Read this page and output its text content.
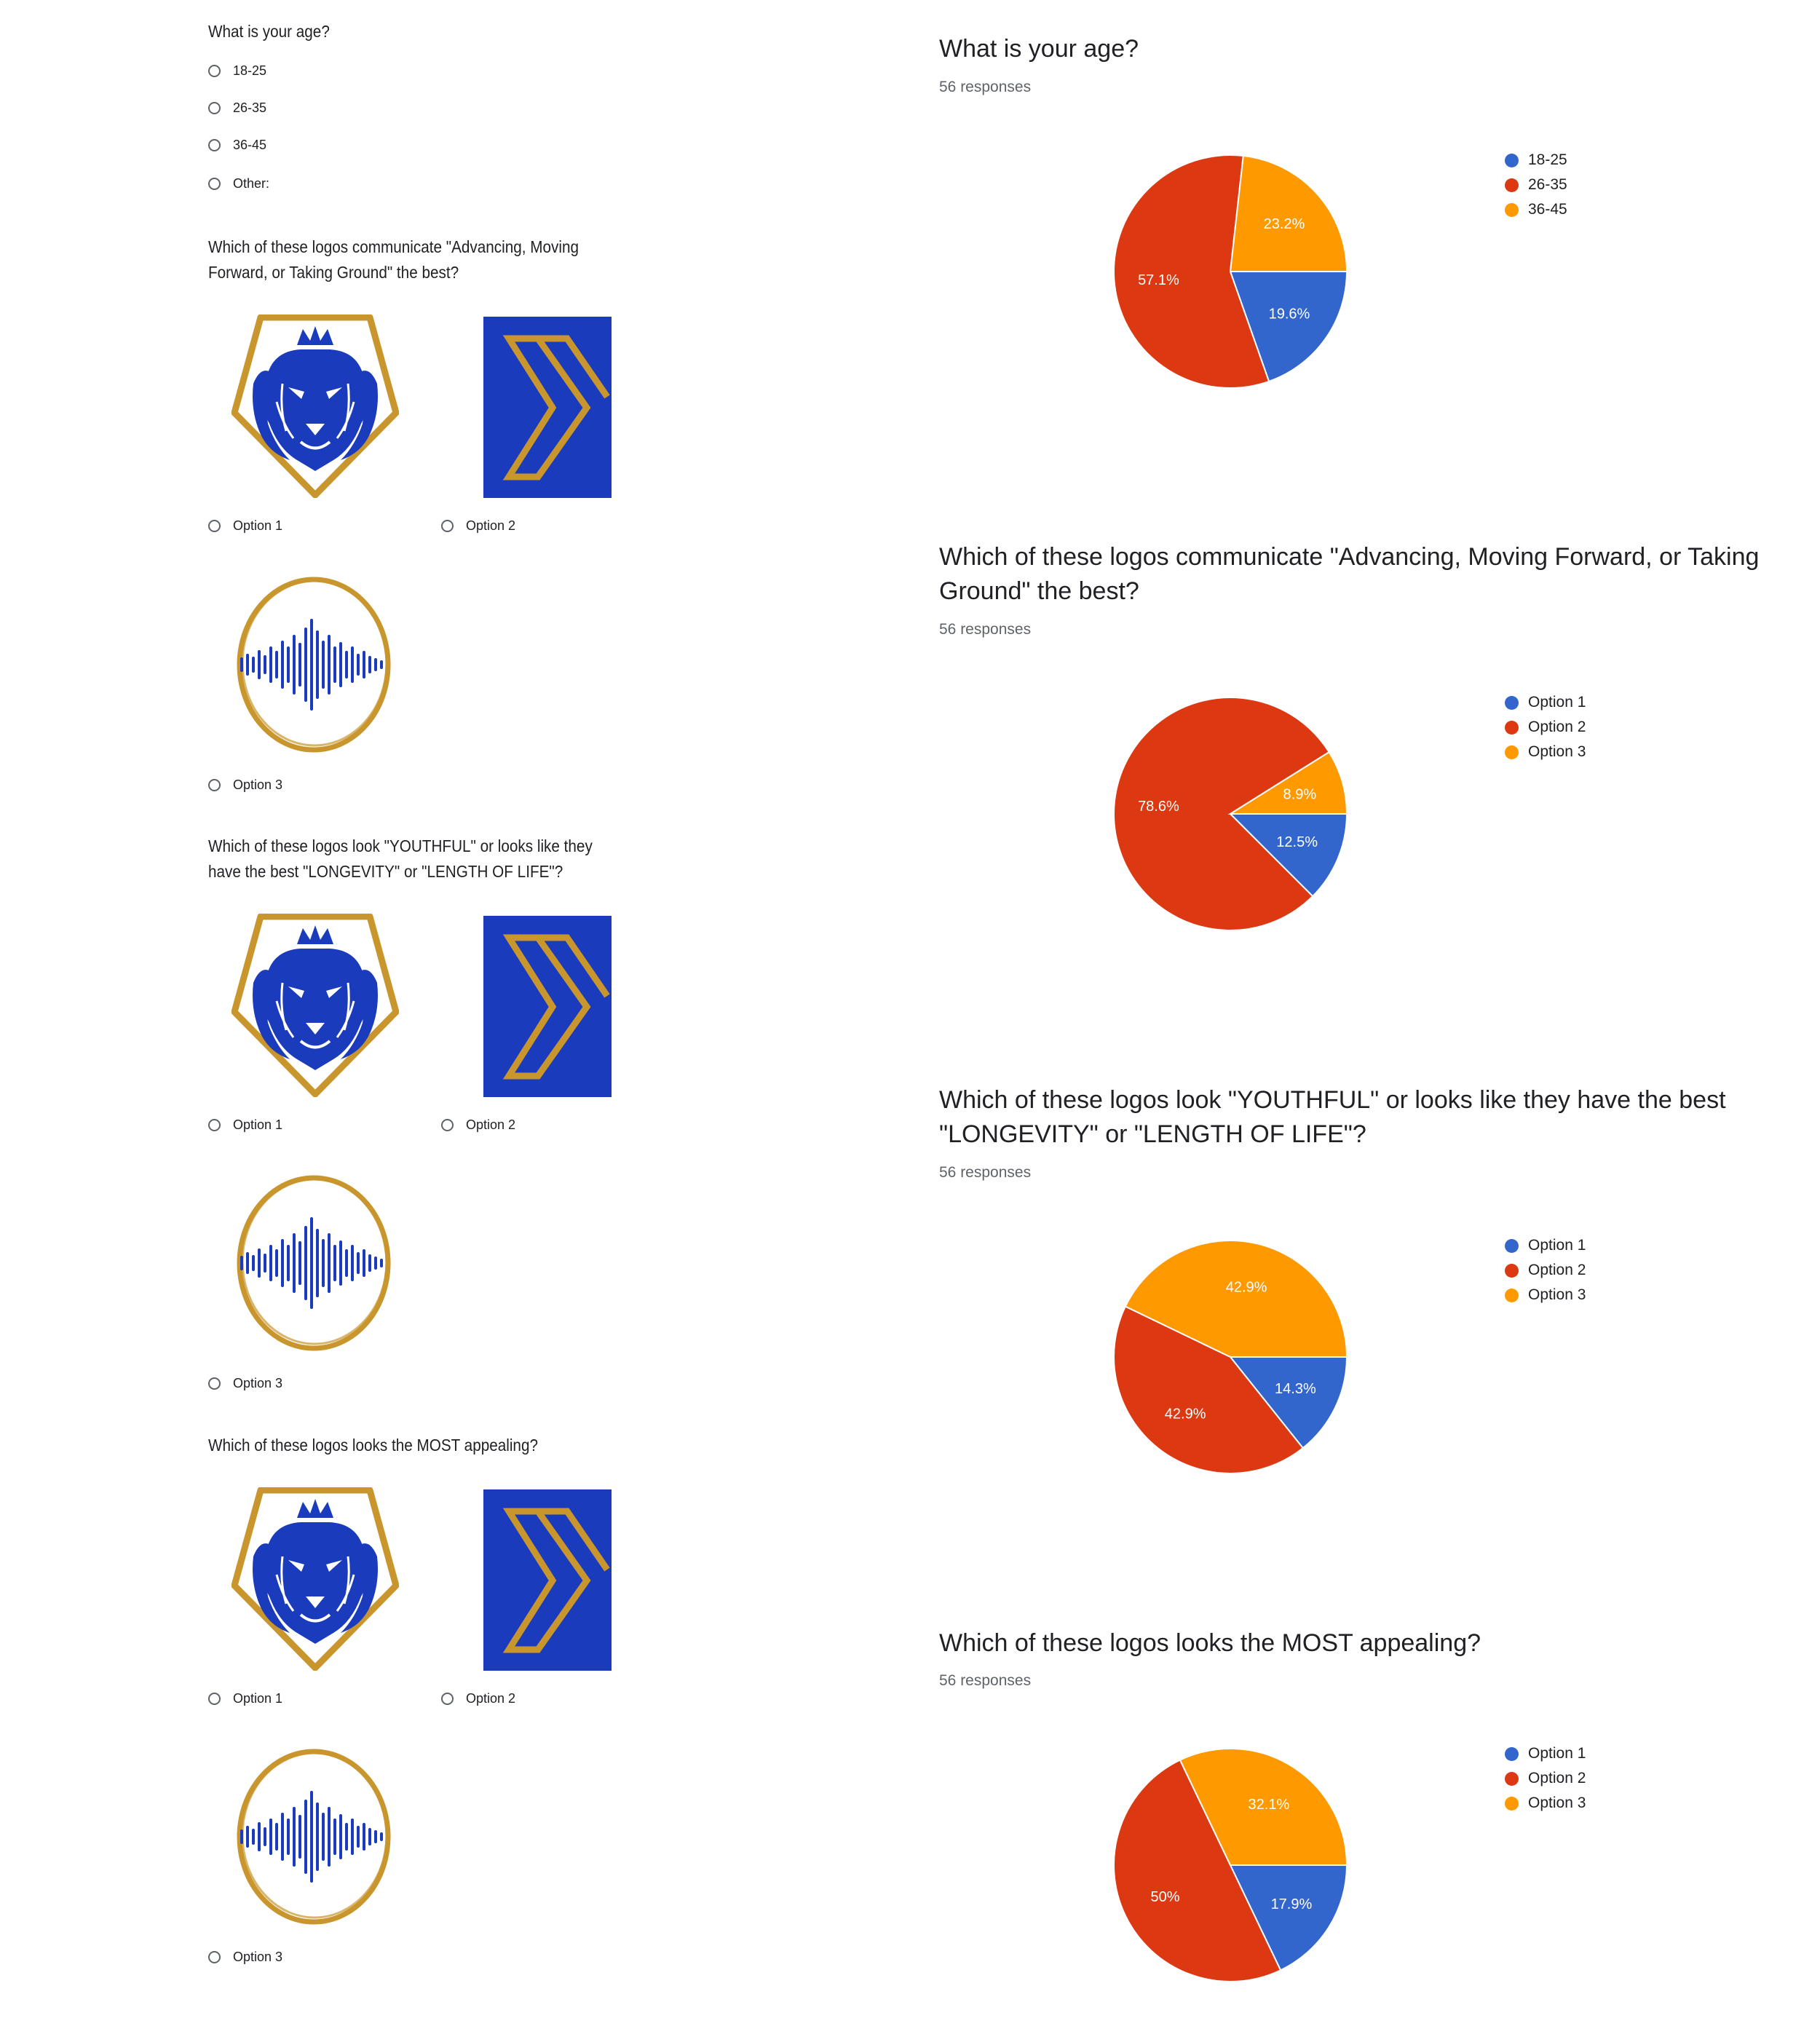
What is your age?
18-25
26-35
36-45
Other:
Which of these logos communicate "Advancing, Moving Forward, or Taking Ground" the best?
Option 1	Option 2
Option 3
Which of these logos look "YOUTHFUL" or looks like they have the best "LONGEVITY" or "LENGTH OF LIFE"?
Option 1	Option 2
Option 3
Which of these logos looks the MOST appealing?
Option 1	Option 2
Option 3
What is your age?
56 responses
19.6%
57.1%
23.2%
18-25
26-35
36-45
Which of these logos communicate "Advancing, Moving Forward, or Taking Ground" the best?
56 responses
12.5%
78.6%
8.9%
Option 1
Option 2
Option 3
Which of these logos look "YOUTHFUL" or looks like they have the best "LONGEVITY" or "LENGTH OF LIFE"?
56 responses
14.3%
42.9%
42.9%
Option 1
Option 2
Option 3
Which of these logos looks the MOST appealing?
56 responses
17.9%
50%
32.1%
Option 1
Option 2
Option 3
